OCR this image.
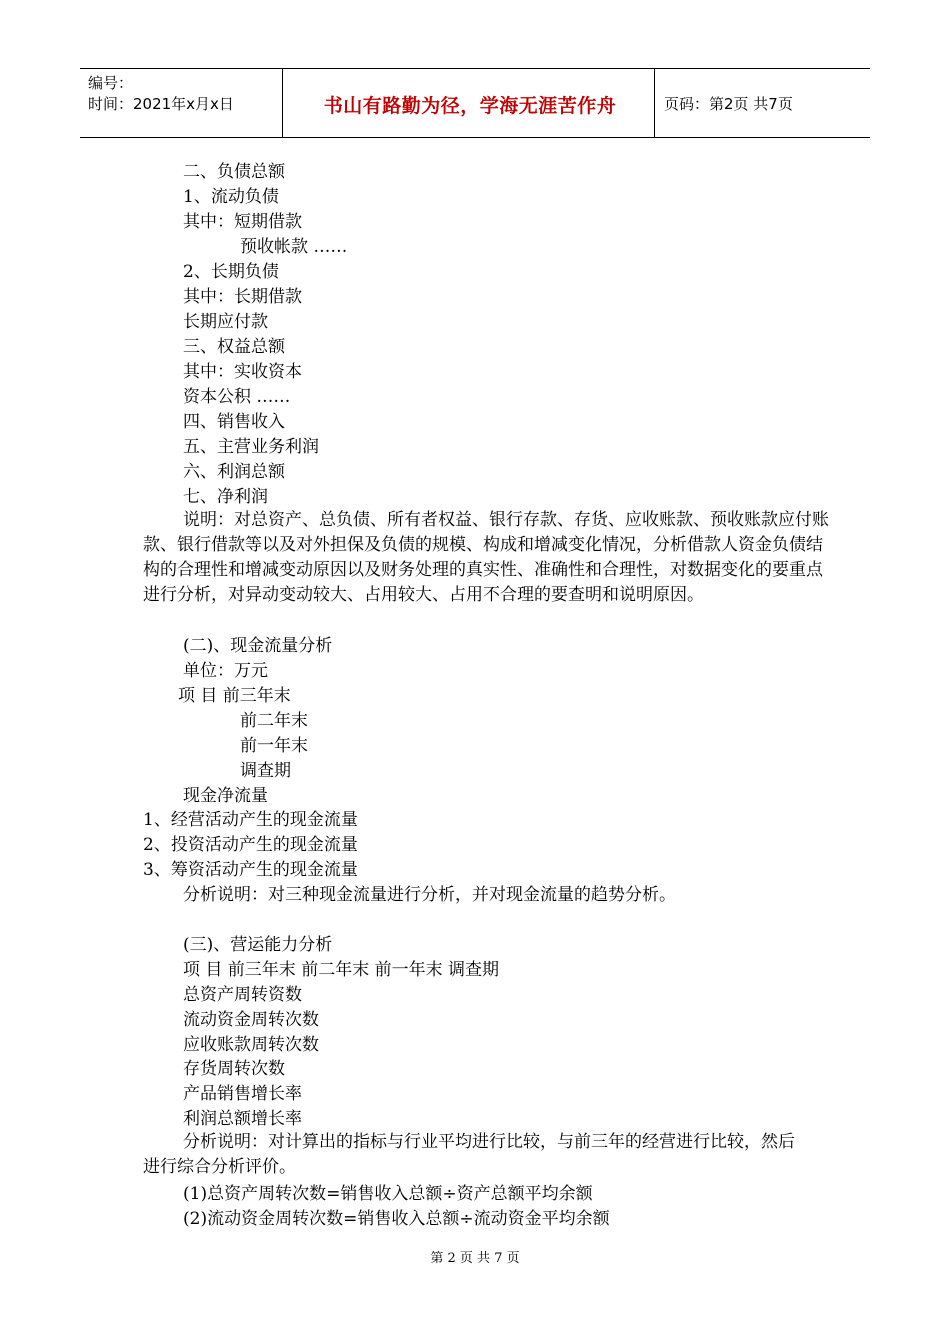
编号：
时间：2021年x月x日	书山有路勤为径，学海无涯苦作舟	页码：第2页 共7页
二、负债总额
1、流动负债
其中：短期借款
预收帐款 ……
2、长期负债
其中：长期借款
长期应付款
三、权益总额
其中：实收资本
资本公积 ……
四、销售收入
五、主营业务利润
六、利润总额
七、净利润
说明：对总资产、总负债、所有者权益、银行存款、存货、应收账款、预收账款应付账款、银行借款等以及对外担保及负债的规模、构成和增减变化情况，分析借款人资金负债结构的合理性和增减变动原因以及财务处理的真实性、准确性和合理性，对数据变化的要重点进行分析，对异动变动较大、占用较大、占用不合理的要查明和说明原因。
(二)、现金流量分析
单位：万元
项 目 前三年末
前二年末
前一年末
调查期
现金净流量
1、经营活动产生的现金流量
2、投资活动产生的现金流量
3、筹资活动产生的现金流量
分析说明：对三种现金流量进行分析，并对现金流量的趋势分析。
(三)、营运能力分析
项 目 前三年末 前二年末 前一年末 调查期
总资产周转资数
流动资金周转次数
应收账款周转次数
存货周转次数
产品销售增长率
利润总额增长率
分析说明：对计算出的指标与行业平均进行比较，与前三年的经营进行比较，然后进行综合分析评价。
(1)总资产周转次数=销售收入总额÷资产总额平均余额
(2)流动资金周转次数=销售收入总额÷流动资金平均余额
第 2 页 共 7 页
